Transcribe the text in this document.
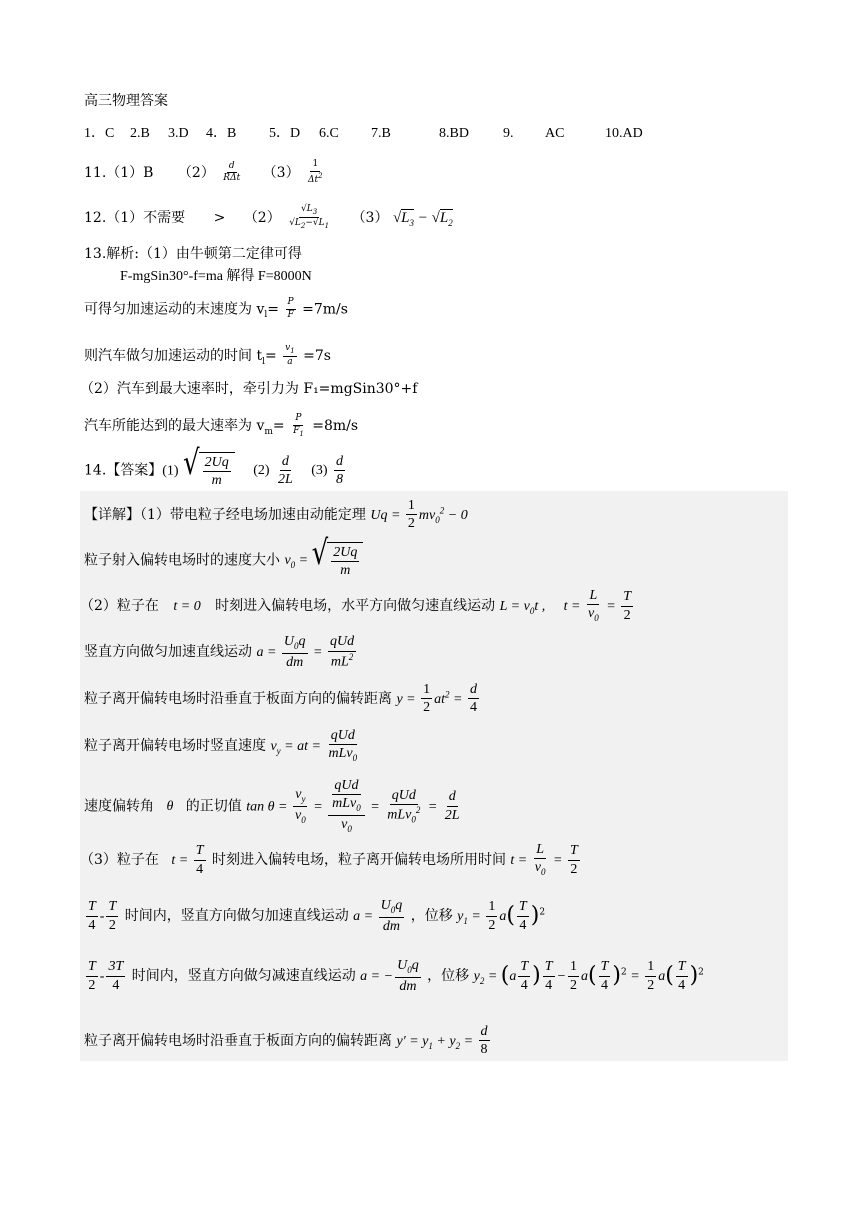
高三物理答案
1．C 2.B 3.D 4．B 5．D 6.C 7.B	8.BD 9. AC	10.AD
11.（1）B $(2) \frac{d}{\text{RΔt}} (3) \frac{1}{\Delta t^2}$
12.（1）不需要 > $(2) \frac{√L_3}{√L_2-√L_1} (3) √L_3 - √L_2$
13.解析:（1）由牛顿第二定律可得
F-mgSin30°-f=ma 解得 F=8000N
可得匀加速运动的末速度为 $v_l= \frac{P}{F} =7m/s$
则汽车做匀加速运动的时间 $t_l= \frac{v_1}{a} =7s$
（2）汽车到最大速率时，牵引力为 F₁=mgSin30°+f
汽车所能达到的最大速率为 $v_m= \frac{P}{F_1} =8m/s$
14.【答案】(1) √ $\frac{2Uq}{m} (2) \frac{d}{2L} (3) \frac{d}{8}$
【详解】（1）带电粒子经电场加速由动能定理 $Uq = \frac{1}{2} mv_0^2 - 0$
粒子射入偏转电场时的速度大小 $v_0$ = √ $\frac{2Uq}{m}$
（2）粒子在 t = 0 时刻进入偏转电场，水平方向做匀速直线运动 $L = v_0t$ , $t = \frac{L}{v_0} = \frac{T}{2}$
竖直方向做匀加速直线运动 $a = \frac{U_0q}{dm} = \frac{\text{qUd}}{mL^2}$
粒子离开偏转电场时沿垂直于板面方向的偏转距离 $y = \frac{1}{2} at^2 = \frac{d}{4}$
粒子离开偏转电场时竖直速度 $v_y$ = at = $\frac{\text{qUd}}{mLv_0}$
速度偏转角 θ 的正切值 $\tan \theta = \frac{v_y}{v_0} = \frac{\frac{\text{qUd}}{mLv_0}}{v_0} = \frac{\text{qUd}}{mLv_0^2} = \frac{d}{2L}$
（3）粒子在 $t = \frac{T}{4}$ 时刻进入偏转电场，粒子离开偏转电场所用时间 $t = \frac{L}{v_0} = \frac{T}{2}$
$\frac{T}{4} - \frac{T}{2}$ 时间内，竖直方向做匀加速直线运动 $a = \frac{U_0q}{dm}$ ，位移 $y_1 = \frac{1}{2} a( \frac{T}{4} )^2$
$\frac{T}{2} - \frac{3T}{4}$ 时间内，竖直方向做匀减速直线运动 a = − $\frac{U_0q}{dm}$ ，位移 $y_2 = (a \frac{T}{4}$ ) $\frac{T}{4} - \frac{1}{2} a( \frac{T}{4} )^2 = \frac{1}{2} a( \frac{T}{4} )^2$
粒子离开偏转电场时沿垂直于板面方向的偏转距离 $y' = y_1 + y_2 = \frac{d}{8}$
